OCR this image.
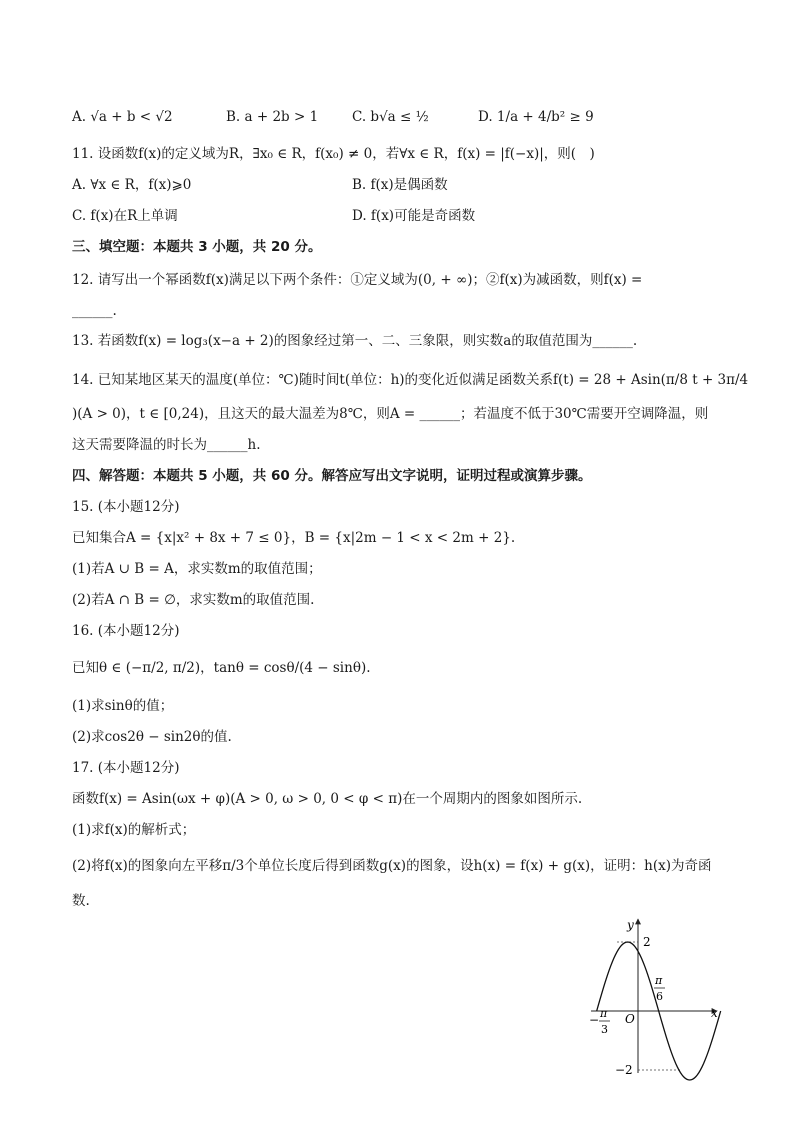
A. √a + b < √2	B. a + 2b > 1	C. b√a ≤ ½	D. 1/a + 4/b² ≥ 9
11. 设函数f(x)的定义域为R，∃x₀ ∈ R，f(x₀) ≠ 0，若∀x ∈ R，f(x) = |f(−x)|，则(　)
A. ∀x ∈ R，f(x)⩾0	B. f(x)是偶函数
C. f(x)在R上单调	D. f(x)可能是奇函数
三、填空题：本题共 3 小题，共 20 分。
12. 请写出一个幂函数f(x)满足以下两个条件：①定义域为(0, + ∞)；②f(x)为减函数，则f(x) =
______.
13. 若函数f(x) = log₃(x−a + 2)的图象经过第一、二、三象限，则实数a的取值范围为______.
14. 已知某地区某天的温度(单位：℃)随时间t(单位：h)的变化近似满足函数关系f(t) = 28 + Asin(π/8 t + 3π/4
)(A > 0)，t ∈ [0,24)，且这天的最大温差为8℃，则A = ______；若温度不低于30℃需要开空调降温，则
这天需要降温的时长为______h.
四、解答题：本题共 5 小题，共 60 分。解答应写出文字说明，证明过程或演算步骤。
15. (本小题12分)
已知集合A = {x|x² + 8x + 7 ≤ 0}，B = {x|2m − 1 < x < 2m + 2}.
(1)若A ∪ B = A，求实数m的取值范围；
(2)若A ∩ B = ∅，求实数m的取值范围.
16. (本小题12分)
已知θ ∈ (−π/2, π/2)，tanθ = cosθ/(4 − sinθ).
(1)求sinθ的值；
(2)求cos2θ − sin2θ的值.
17. (本小题12分)
函数f(x) = Asin(ωx + φ)(A > 0, ω > 0, 0 < φ < π)在一个周期内的图象如图所示.
(1)求f(x)的解析式；
(2)将f(x)的图象向左平移π/3个单位长度后得到函数g(x)的图象，设h(x) = f(x) + g(x)，证明：h(x)为奇函
数.
y
x
O
2
−2
− π
3
π
6
